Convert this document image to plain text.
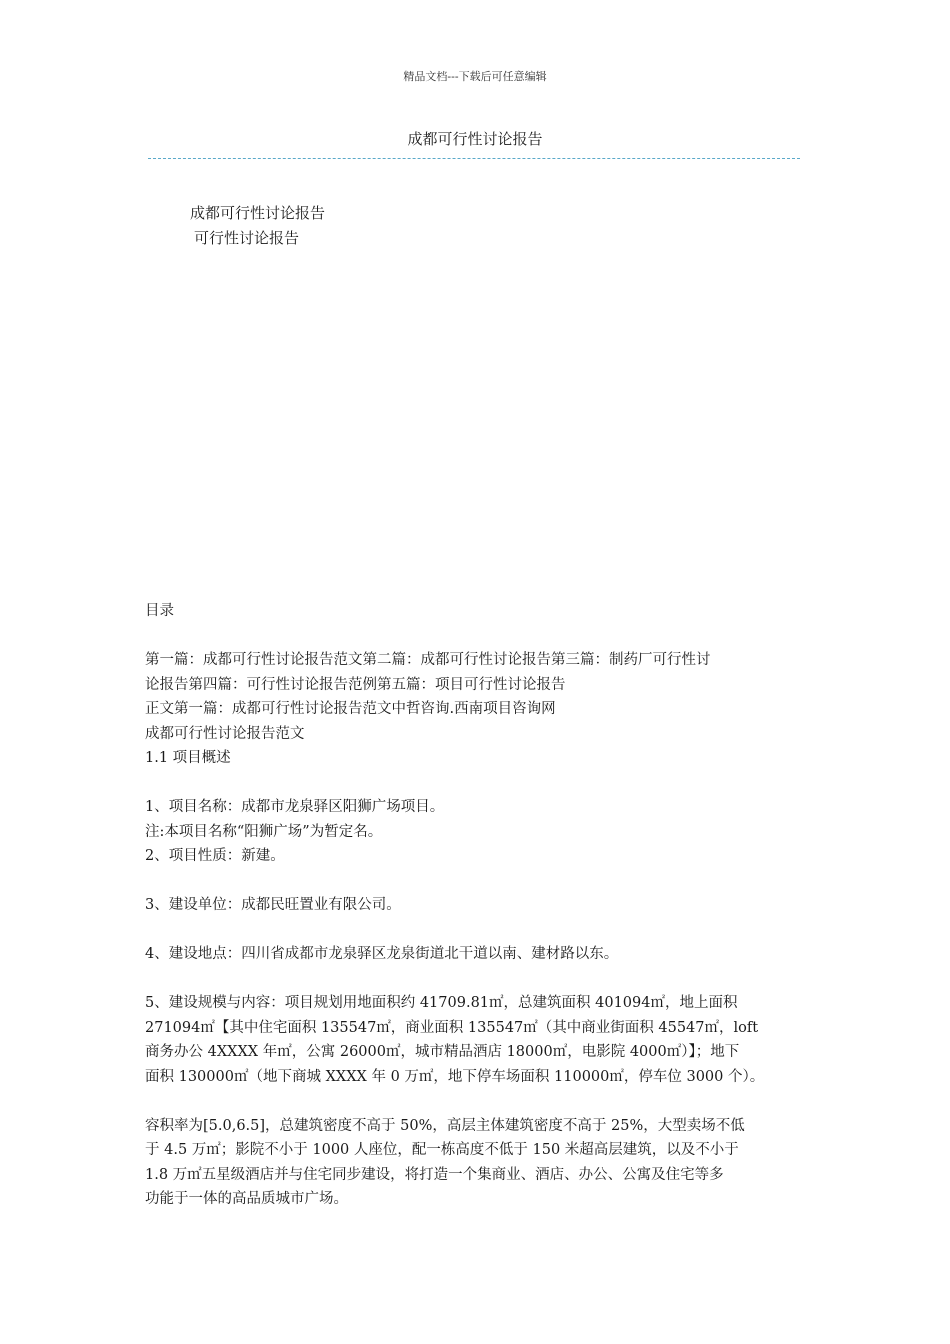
精品文档---下载后可任意编辑
成都可行性讨论报告
成都可行性讨论报告
可行性讨论报告

目录

第一篇：成都可行性讨论报告范文第二篇：成都可行性讨论报告第三篇：制药厂可行性讨

论报告第四篇：可行性讨论报告范例第五篇：项目可行性讨论报告

正文第一篇：成都可行性讨论报告范文中哲咨询.西南项目咨询网

成都可行性讨论报告范文

1.1 项目概述

1、项目名称：成都市龙泉驿区阳狮广场项目。

注:本项目名称“阳狮广场”为暂定名。

2、项目性质：新建。

3、建设单位：成都民旺置业有限公司。

4、建设地点：四川省成都市龙泉驿区龙泉街道北干道以南、建材路以东。

5、建设规模与内容：项目规划用地面积约 41709.81㎡，总建筑面积 401094㎡，地上面积

271094㎡【其中住宅面积 135547㎡，商业面积 135547㎡（其中商业街面积 45547㎡，loft

商务办公 4XXXX 年㎡，公寓 26000㎡，城市精品酒店 18000㎡，电影院 4000㎡）】；地下

面积 130000㎡（地下商城 XXXX 年 0 万㎡，地下停车场面积 110000㎡，停车位 3000 个）。

容积率为[5.0,6.5]，总建筑密度不高于 50%，高层主体建筑密度不高于 25%，大型卖场不低

于 4.5 万㎡；影院不小于 1000 人座位，配一栋高度不低于 150 米超高层建筑，以及不小于

1.8 万㎡五星级酒店并与住宅同步建设，将打造一个集商业、酒店、办公、公寓及住宅等多

功能于一体的高品质城市广场。
